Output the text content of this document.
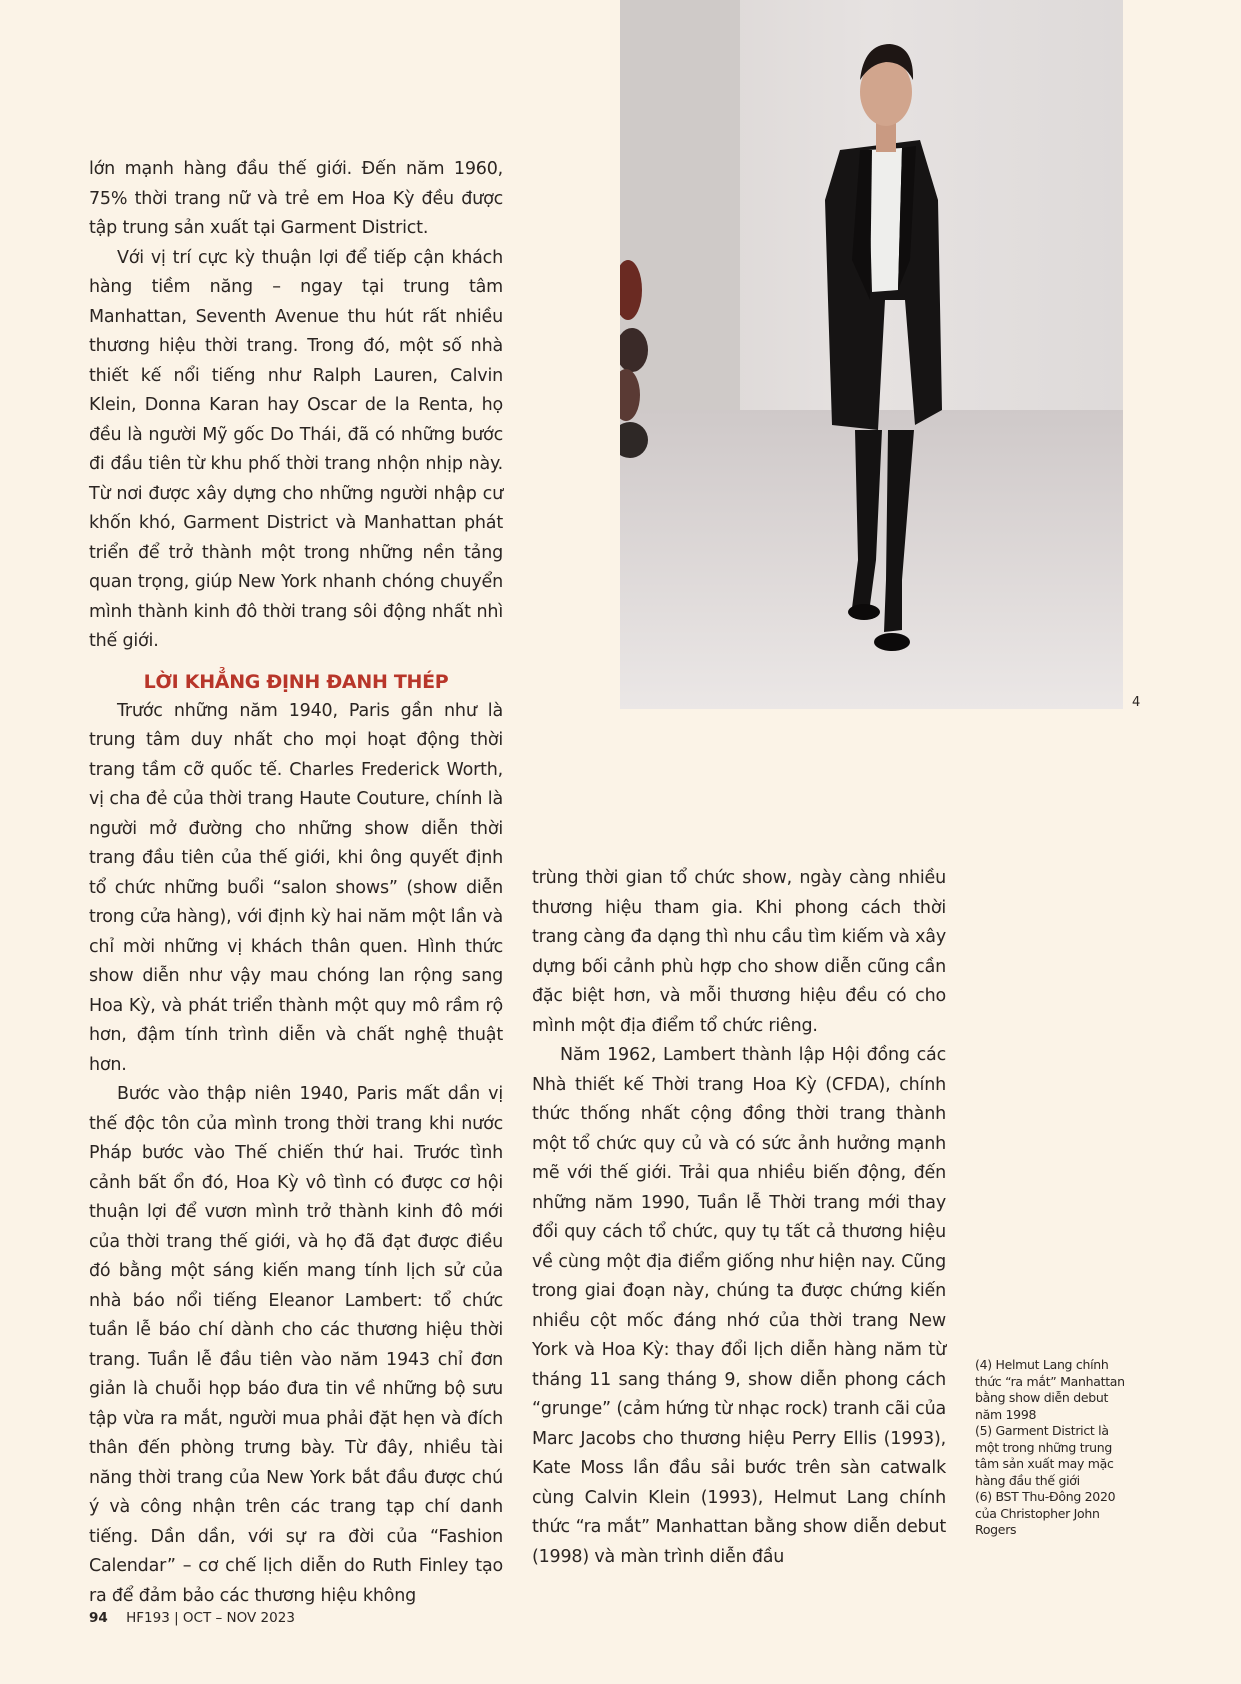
lớn mạnh hàng đầu thế giới. Đến năm 1960, 75% thời trang nữ và trẻ em Hoa Kỳ đều được tập trung sản xuất tại Garment District.

Với vị trí cực kỳ thuận lợi để tiếp cận khách hàng tiềm năng – ngay tại trung tâm Manhattan, Seventh Avenue thu hút rất nhiều thương hiệu thời trang. Trong đó, một số nhà thiết kế nổi tiếng như Ralph Lauren, Calvin Klein, Donna Karan hay Oscar de la Renta, họ đều là người Mỹ gốc Do Thái, đã có những bước đi đầu tiên từ khu phố thời trang nhộn nhịp này. Từ nơi được xây dựng cho những người nhập cư khốn khó, Garment District và Manhattan phát triển để trở thành một trong những nền tảng quan trọng, giúp New York nhanh chóng chuyển mình thành kinh đô thời trang sôi động nhất nhì thế giới.

LỜI KHẲNG ĐỊNH ĐANH THÉP

Trước những năm 1940, Paris gần như là trung tâm duy nhất cho mọi hoạt động thời trang tầm cỡ quốc tế. Charles Frederick Worth, vị cha đẻ của thời trang Haute Couture, chính là người mở đường cho những show diễn thời trang đầu tiên của thế giới, khi ông quyết định tổ chức những buổi “salon shows” (show diễn trong cửa hàng), với định kỳ hai năm một lần và chỉ mời những vị khách thân quen. Hình thức show diễn như vậy mau chóng lan rộng sang Hoa Kỳ, và phát triển thành một quy mô rầm rộ hơn, đậm tính trình diễn và chất nghệ thuật hơn.

Bước vào thập niên 1940, Paris mất dần vị thế độc tôn của mình trong thời trang khi nước Pháp bước vào Thế chiến thứ hai. Trước tình cảnh bất ổn đó, Hoa Kỳ vô tình có được cơ hội thuận lợi để vươn mình trở thành kinh đô mới của thời trang thế giới, và họ đã đạt được điều đó bằng một sáng kiến mang tính lịch sử của nhà báo nổi tiếng Eleanor Lambert: tổ chức tuần lễ báo chí dành cho các thương hiệu thời trang. Tuần lễ đầu tiên vào năm 1943 chỉ đơn giản là chuỗi họp báo đưa tin về những bộ sưu tập vừa ra mắt, người mua phải đặt hẹn và đích thân đến phòng trưng bày. Từ đây, nhiều tài năng thời trang của New York bắt đầu được chú ý và công nhận trên các trang tạp chí danh tiếng. Dần dần, với sự ra đời của “Fashion Calendar” – cơ chế lịch diễn do Ruth Finley tạo ra để đảm bảo các thương hiệu không

4

trùng thời gian tổ chức show, ngày càng nhiều thương hiệu tham gia. Khi phong cách thời trang càng đa dạng thì nhu cầu tìm kiếm và xây dựng bối cảnh phù hợp cho show diễn cũng cần đặc biệt hơn, và mỗi thương hiệu đều có cho mình một địa điểm tổ chức riêng.

Năm 1962, Lambert thành lập Hội đồng các Nhà thiết kế Thời trang Hoa Kỳ (CFDA), chính thức thống nhất cộng đồng thời trang thành một tổ chức quy củ và có sức ảnh hưởng mạnh mẽ với thế giới. Trải qua nhiều biến động, đến những năm 1990, Tuần lễ Thời trang mới thay đổi quy cách tổ chức, quy tụ tất cả thương hiệu về cùng một địa điểm giống như hiện nay. Cũng trong giai đoạn này, chúng ta được chứng kiến nhiều cột mốc đáng nhớ của thời trang New York và Hoa Kỳ: thay đổi lịch diễn hàng năm từ tháng 11 sang tháng 9, show diễn phong cách “grunge” (cảm hứng từ nhạc rock) tranh cãi của Marc Jacobs cho thương hiệu Perry Ellis (1993), Kate Moss lần đầu sải bước trên sàn catwalk cùng Calvin Klein (1993), Helmut Lang chính thức “ra mắt” Manhattan bằng show diễn debut (1998) và màn trình diễn đầu

(4) Helmut Lang chính thức “ra mắt” Manhattan bằng show diễn debut năm 1998

(5) Garment District là một trong những trung tâm sản xuất may mặc hàng đầu thế giới

(6) BST Thu-Đông 2020 của Christopher John Rogers

94 HF193 | OCT – NOV 2023
